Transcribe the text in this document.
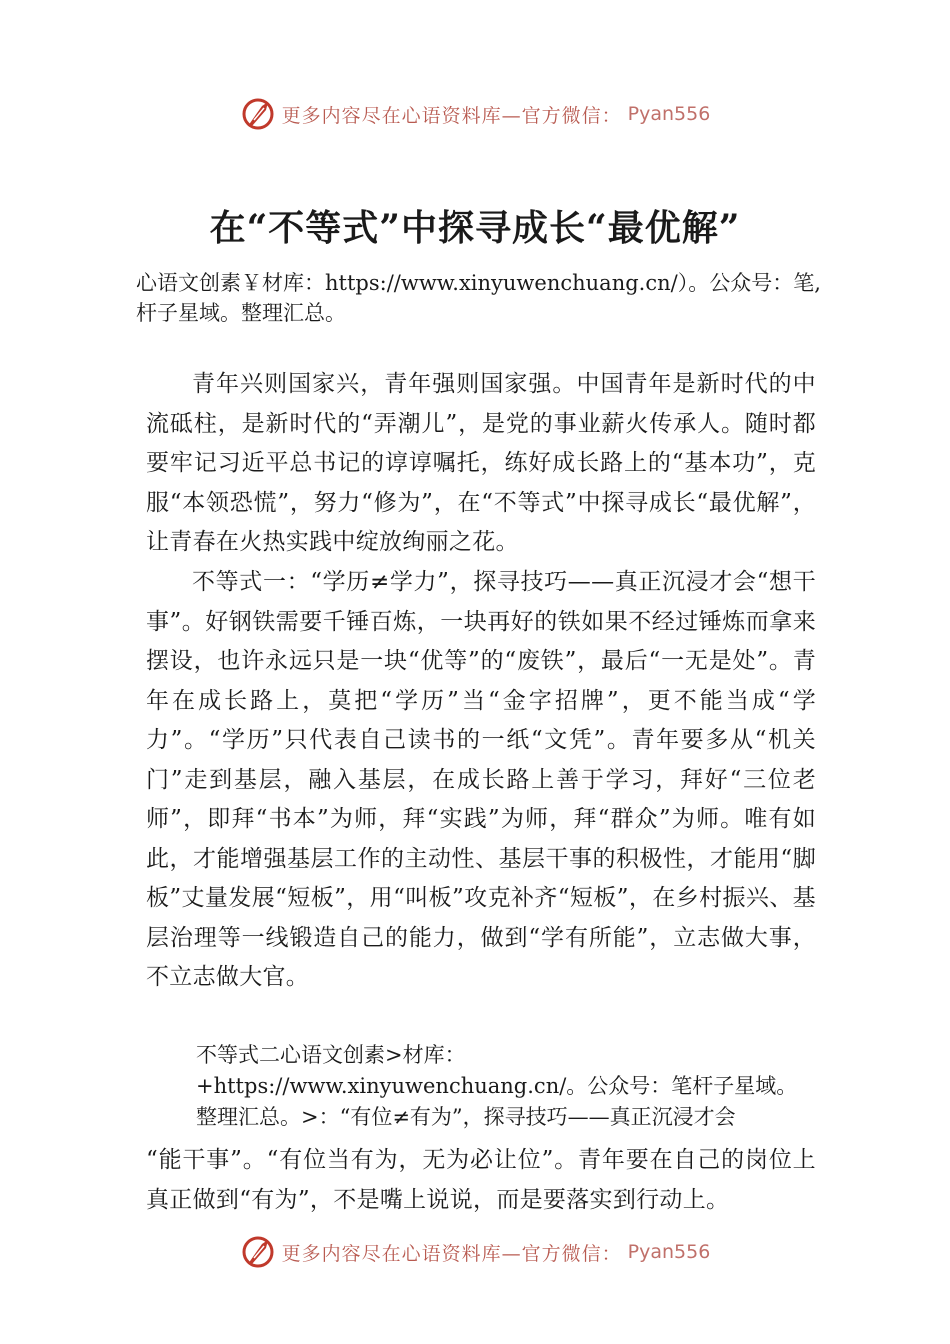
更多内容尽在心语资料库—官方微信： Pyan556
在“不等式”中探寻成长“最优解”

心语文创素￥材库：https://www.xinyuwenchuang.cn/）。公众号：笔,杆子星域。整理汇总。

青年兴则国家兴，青年强则国家强。中国青年是新时代的中流砥柱，是新时代的“弄潮儿”，是党的事业薪火传承人。随时都要牢记习近平总书记的谆谆嘱托，练好成长路上的“基本功”，克服“本领恐慌”，努力“修为”，在“不等式”中探寻成长“最优解”，让青春在火热实践中绽放绚丽之花。

不等式一：“学历≠学力”，探寻技巧——真正沉浸才会“想干事”。好钢铁需要千锤百炼，一块再好的铁如果不经过锤炼而拿来摆设，也许永远只是一块“优等”的“废铁”，最后“一无是处”。青年在成长路上，莫把“学历”当“金字招牌”，更不能当成“学力”。“学历”只代表自己读书的一纸“文凭”。青年要多从“机关门”走到基层，融入基层，在成长路上善于学习，拜好“三位老师”，即拜“书本”为师，拜“实践”为师，拜“群众”为师。唯有如此，才能增强基层工作的主动性、基层干事的积极性，才能用“脚板”丈量发展“短板”，用“叫板”攻克补齐“短板”，在乡村振兴、基层治理等一线锻造自己的能力，做到“学有所能”，立志做大事，不立志做大官。

不等式二心语文创素>材库：+https://www.xinyuwenchuang.cn/。公众号：笔杆子星域。整理汇总。>：“有位≠有为”，探寻技巧——真正沉浸才会

“能干事”。“有位当有为，无为必让位”。青年要在自己的岗位上真正做到“有为”，不是嘴上说说，而是要落实到行动上。

更多内容尽在心语资料库—官方微信： Pyan556
